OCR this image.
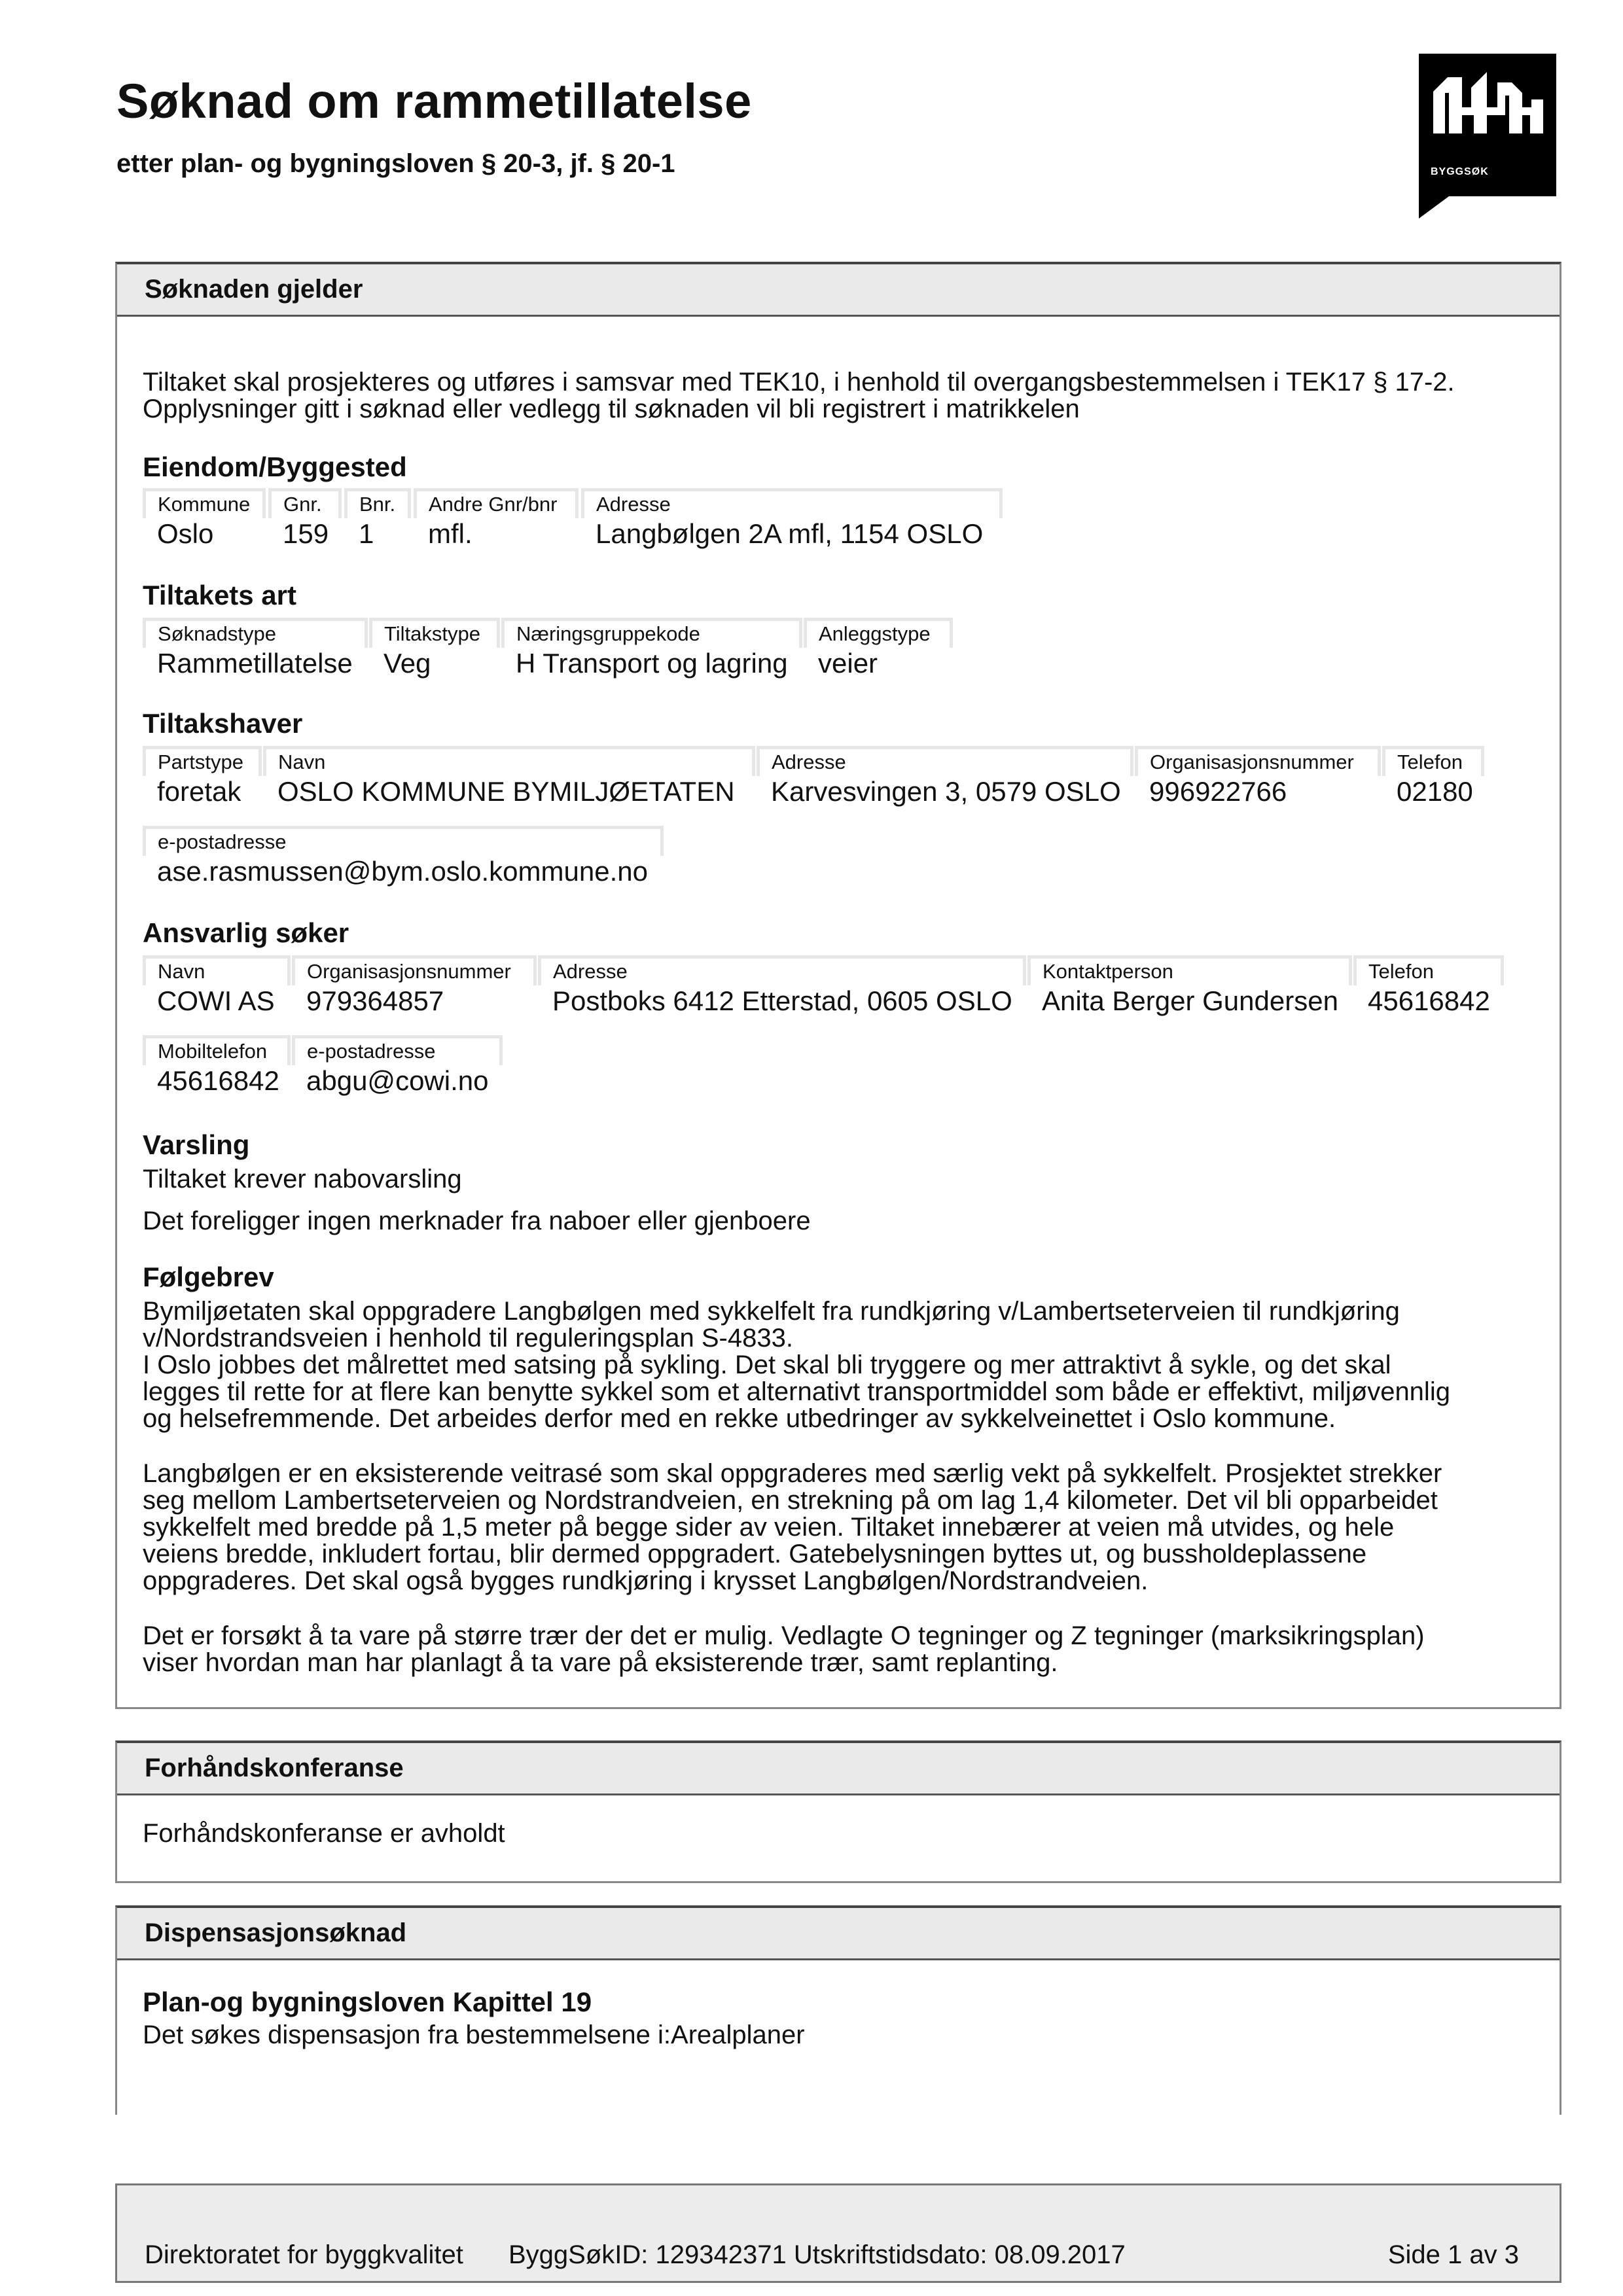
Søknad om rammetillatelse
etter plan- og bygningsloven § 20-3, jf. § 20-1	BYGGSØK
Søknaden gjelder
Tiltaket skal prosjekteres og utføres i samsvar med TEK10, i henhold til overgangsbestemmelsen i TEK17 § 17-2.
Opplysninger gitt i søknad eller vedlegg til søknaden vil bli registrert i matrikkelen
Eiendom/Byggested
Kommune
Oslo
Gnr.
159
Bnr.
1
Andre Gnr/bnr
mfl.
Adresse
Langbølgen 2A mfl, 1154 OSLO
Tiltakets art
Søknadstype
Rammetillatelse
Tiltakstype
Veg
Næringsgruppekode
H Transport og lagring
Anleggstype
veier
Tiltakshaver
Partstype
foretak
Navn
OSLO KOMMUNE BYMILJØETATEN
Adresse
Karvesvingen 3, 0579 OSLO
Organisasjonsnummer
996922766
Telefon
02180
e-postadresse
ase.rasmussen@bym.oslo.kommune.no
Ansvarlig søker
Navn
COWI AS
Organisasjonsnummer
979364857
Adresse
Postboks 6412 Etterstad, 0605 OSLO
Kontaktperson
Anita Berger Gundersen
Telefon
45616842
Mobiltelefon
45616842
e-postadresse
abgu@cowi.no
Varsling
Tiltaket krever nabovarsling
Det foreligger ingen merknader fra naboer eller gjenboere
Følgebrev
Bymiljøetaten skal oppgradere Langbølgen med sykkelfelt fra rundkjøring v/Lambertseterveien til rundkjøring
v/Nordstrandsveien i henhold til reguleringsplan S-4833.
I Oslo jobbes det målrettet med satsing på sykling. Det skal bli tryggere og mer attraktivt å sykle, og det skal
legges til rette for at flere kan benytte sykkel som et alternativt transportmiddel som både er effektivt, miljøvennlig
og helsefremmende. Det arbeides derfor med en rekke utbedringer av sykkelveinettet i Oslo kommune.
Langbølgen er en eksisterende veitrasé som skal oppgraderes med særlig vekt på sykkelfelt. Prosjektet strekker
seg mellom Lambertseterveien og Nordstrandveien, en strekning på om lag 1,4 kilometer. Det vil bli opparbeidet
sykkelfelt med bredde på 1,5 meter på begge sider av veien. Tiltaket innebærer at veien må utvides, og hele
veiens bredde, inkludert fortau, blir dermed oppgradert. Gatebelysningen byttes ut, og bussholdeplassene
oppgraderes. Det skal også bygges rundkjøring i krysset Langbølgen/Nordstrandveien.
Det er forsøkt å ta vare på større trær der det er mulig. Vedlagte O tegninger og Z tegninger (marksikringsplan)
viser hvordan man har planlagt å ta vare på eksisterende trær, samt replanting.
Forhåndskonferanse
Forhåndskonferanse er avholdt
Dispensasjonsøknad
Plan-og bygningsloven Kapittel 19
Det søkes dispensasjon fra bestemmelsene i:Arealplaner
Direktoratet for byggkvalitet ByggSøkID: 129342371 Utskriftstidsdato: 08.09.2017	Side 1 av 3
